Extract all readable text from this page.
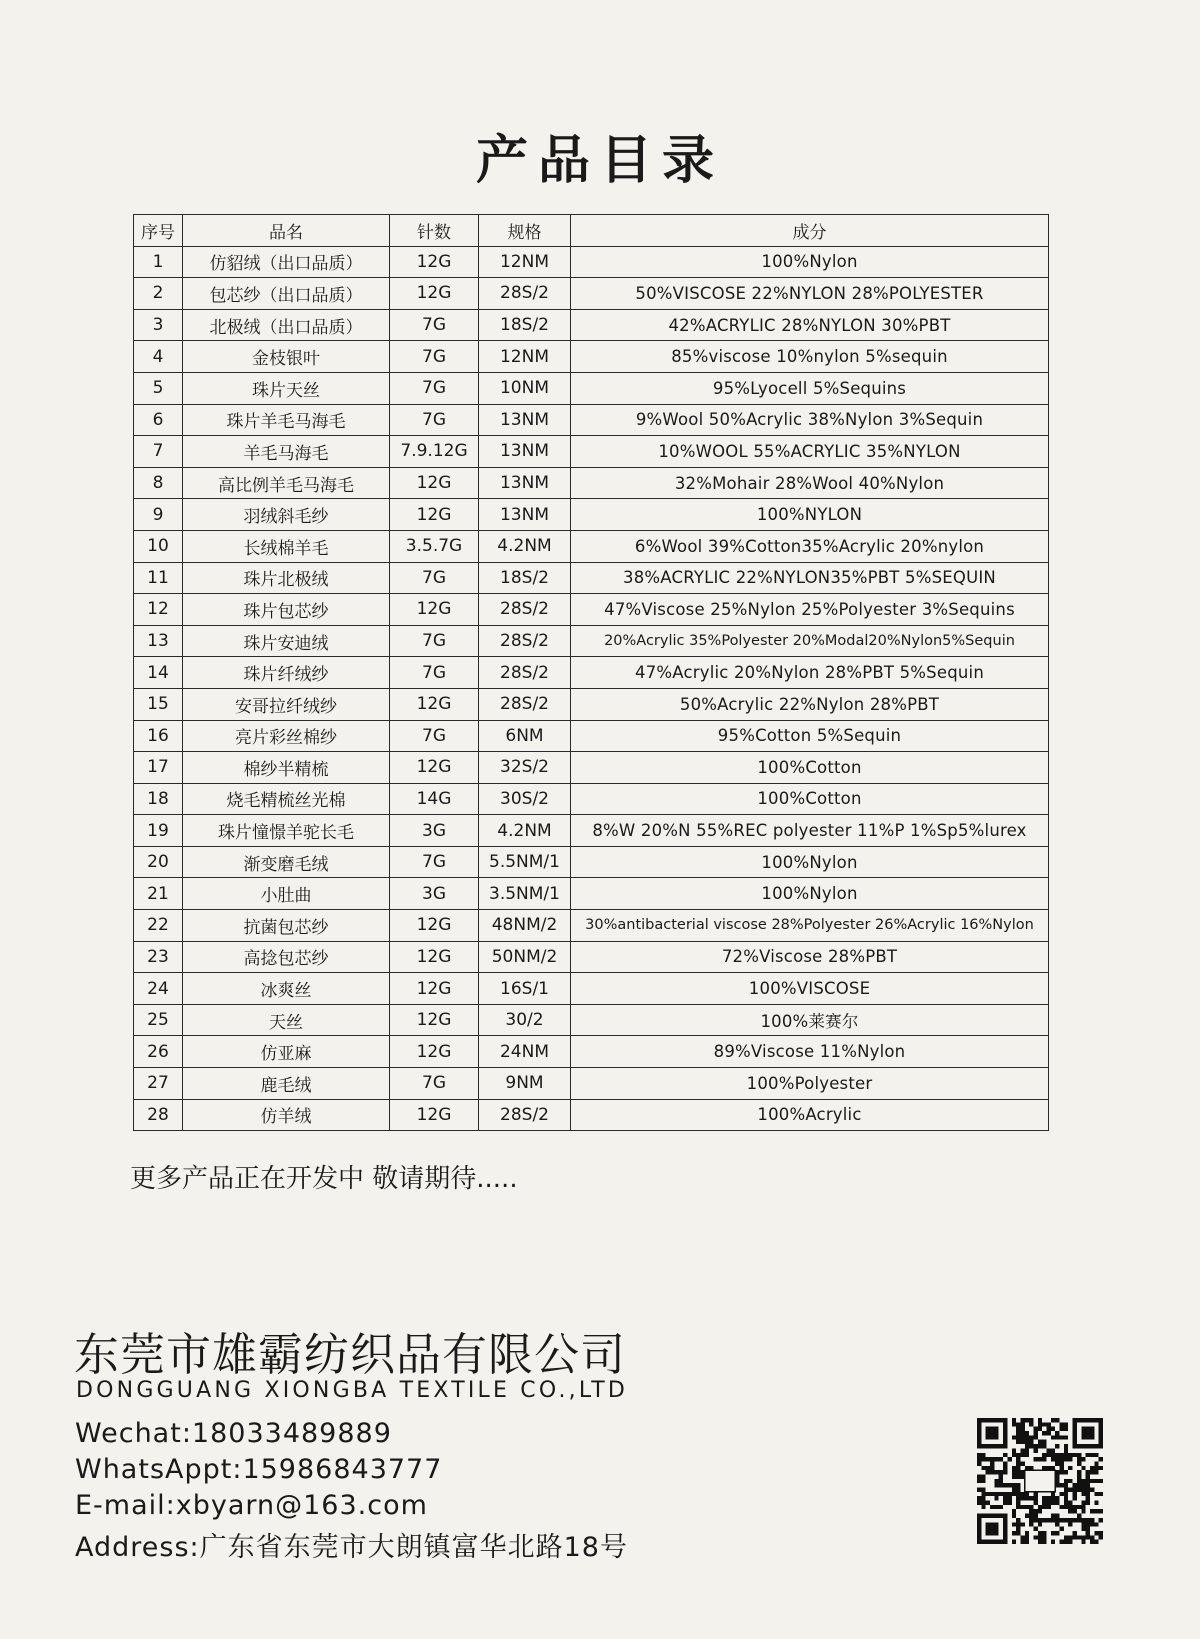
产品目录
序号	品名	针数	规格	成分
1	仿貂绒（出口品质）	12G	12NM	100%Nylon
2	包芯纱（出口品质）	12G	28S/2	50%VISCOSE 22%NYLON 28%POLYESTER
3	北极绒（出口品质）	7G	18S/2	42%ACRYLIC 28%NYLON 30%PBT
4	金枝银叶	7G	12NM	85%viscose 10%nylon 5%sequin
5	珠片天丝	7G	10NM	95%Lyocell 5%Sequins
6	珠片羊毛马海毛	7G	13NM	9%Wool 50%Acrylic 38%Nylon 3%Sequin
7	羊毛马海毛	7.9.12G	13NM	10%WOOL 55%ACRYLIC 35%NYLON
8	高比例羊毛马海毛	12G	13NM	32%Mohair 28%Wool 40%Nylon
9	羽绒斜毛纱	12G	13NM	100%NYLON
10	长绒棉羊毛	3.5.7G	4.2NM	6%Wool 39%Cotton35%Acrylic 20%nylon
11	珠片北极绒	7G	18S/2	38%ACRYLIC 22%NYLON35%PBT 5%SEQUIN
12	珠片包芯纱	12G	28S/2	47%Viscose 25%Nylon 25%Polyester 3%Sequins
13	珠片安迪绒	7G	28S/2	20%Acrylic 35%Polyester 20%Modal20%Nylon5%Sequin
14	珠片纤绒纱	7G	28S/2	47%Acrylic 20%Nylon 28%PBT 5%Sequin
15	安哥拉纤绒纱	12G	28S/2	50%Acrylic 22%Nylon 28%PBT
16	亮片彩丝棉纱	7G	6NM	95%Cotton 5%Sequin
17	棉纱半精梳	12G	32S/2	100%Cotton
18	烧毛精梳丝光棉	14G	30S/2	100%Cotton
19	珠片憧憬羊驼长毛	3G	4.2NM	8%W 20%N 55%REC polyester 11%P 1%Sp5%lurex
20	渐变磨毛绒	7G	5.5NM/1	100%Nylon
21	小肚曲	3G	3.5NM/1	100%Nylon
22	抗菌包芯纱	12G	48NM/2	30%antibacterial viscose 28%Polyester 26%Acrylic 16%Nylon
23	高捻包芯纱	12G	50NM/2	72%Viscose 28%PBT
24	冰爽丝	12G	16S/1	100%VISCOSE
25	天丝	12G	30/2	100%莱赛尔
26	仿亚麻	12G	24NM	89%Viscose 11%Nylon
27	鹿毛绒	7G	9NM	100%Polyester
28	仿羊绒	12G	28S/2	100%Acrylic

更多产品正在开发中 敬请期待.....

东莞市雄霸纺织品有限公司

DONGGUANG XIONGBA TEXTILE CO.,LTD

Wechat:18033489889

WhatsAppt:15986843777

E-mail:xbyarn@163.com

Address:广东省东莞市大朗镇富华北路18号
